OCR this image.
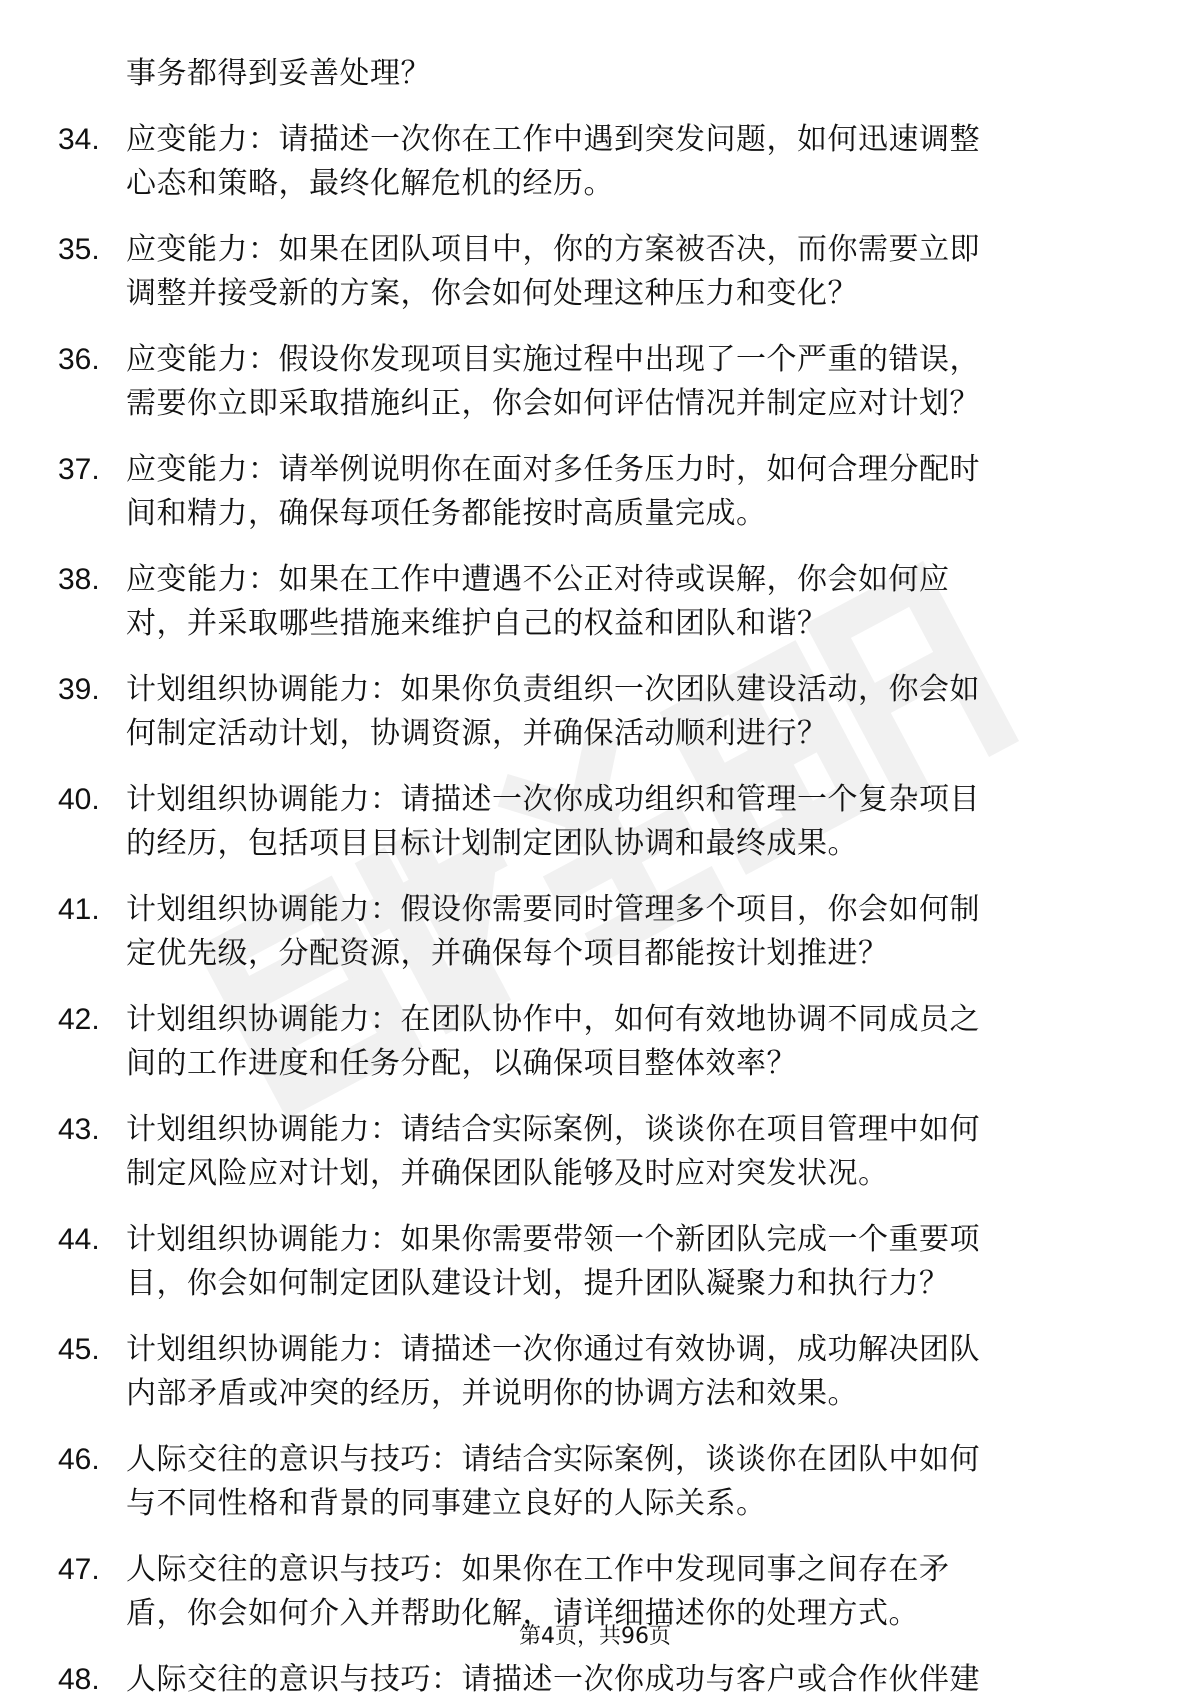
事务都得到妥善处理？
34. 应变能力：请描述一次你在工作中遇到突发问题，如何迅速调整
心态和策略，最终化解危机的经历。
35. 应变能力：如果在团队项目中，你的方案被否决，而你需要立即
调整并接受新的方案，你会如何处理这种压力和变化？
36. 应变能力：假设你发现项目实施过程中出现了一个严重的错误，
需要你立即采取措施纠正，你会如何评估情况并制定应对计划？
37. 应变能力：请举例说明你在面对多任务压力时，如何合理分配时
间和精力，确保每项任务都能按时高质量完成。
38. 应变能力：如果在工作中遭遇不公正对待或误解，你会如何应
对，并采取哪些措施来维护自己的权益和团队和谐？
39. 计划组织协调能力：如果你负责组织一次团队建设活动，你会如
何制定活动计划，协调资源，并确保活动顺利进行？
40. 计划组织协调能力：请描述一次你成功组织和管理一个复杂项目
的经历，包括项目目标计划制定团队协调和最终成果。
41. 计划组织协调能力：假设你需要同时管理多个项目，你会如何制
定优先级，分配资源，并确保每个项目都能按计划推进？
42. 计划组织协调能力：在团队协作中，如何有效地协调不同成员之
间的工作进度和任务分配，以确保项目整体效率？
43. 计划组织协调能力：请结合实际案例，谈谈你在项目管理中如何
制定风险应对计划，并确保团队能够及时应对突发状况。
44. 计划组织协调能力：如果你需要带领一个新团队完成一个重要项
目，你会如何制定团队建设计划，提升团队凝聚力和执行力？
45. 计划组织协调能力：请描述一次你通过有效协调，成功解决团队
内部矛盾或冲突的经历，并说明你的协调方法和效果。
46. 人际交往的意识与技巧：请结合实际案例，谈谈你在团队中如何
与不同性格和背景的同事建立良好的人际关系。
47. 人际交往的意识与技巧：如果你在工作中发现同事之间存在矛
盾，你会如何介入并帮助化解，请详细描述你的处理方式。
48. 人际交往的意识与技巧：请描述一次你成功与客户或合作伙伴建
第4页，共96页
